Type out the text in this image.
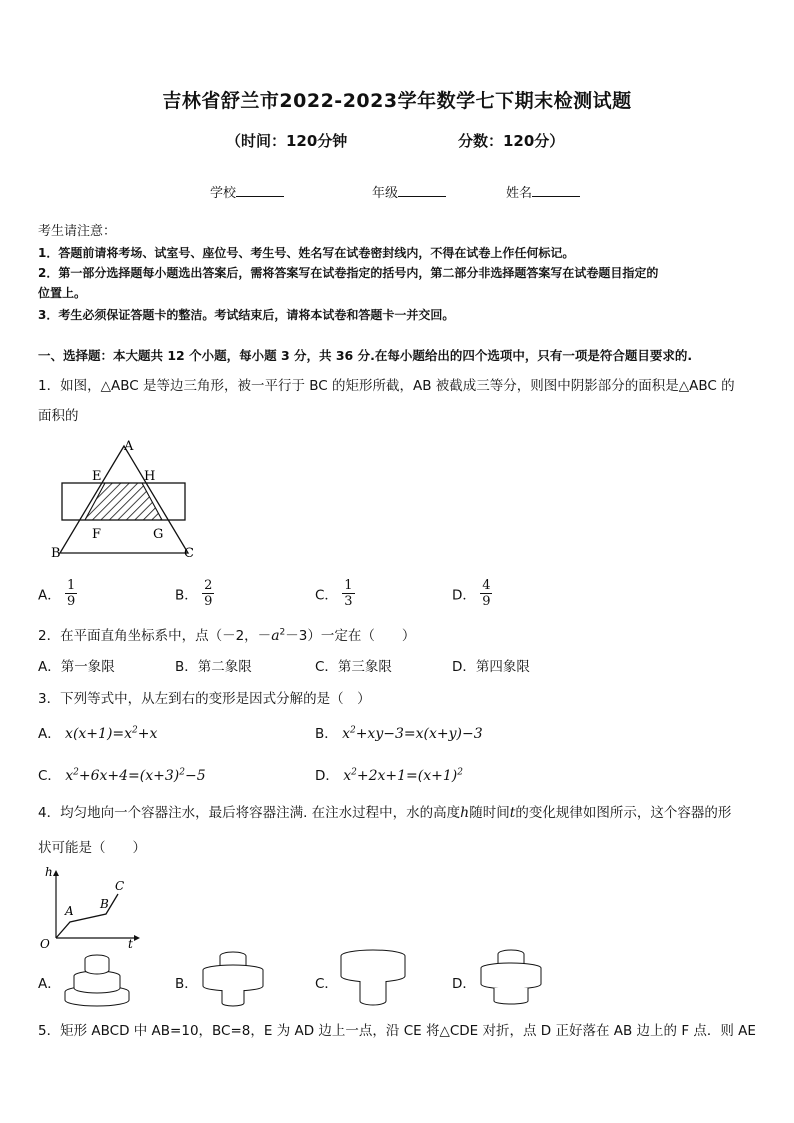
吉林省舒兰市2022-2023学年数学七下期末检测试题
（时间：120分钟	分数：120分）
学校	年级	姓名
考生请注意：
1．答题前请将考场、试室号、座位号、考生号、姓名写在试卷密封线内，不得在试卷上作任何标记。
2．第一部分选择题每小题选出答案后，需将答案写在试卷指定的括号内，第二部分非选择题答案写在试卷题目指定的
位置上。
3．考生必须保证答题卡的整洁。考试结束后，请将本试卷和答题卡一并交回。
一、选择题：本大题共 12 个小题，每小题 3 分，共 36 分.在每小题给出的四个选项中，只有一项是符合题目要求的.
1．如图，△ABC 是等边三角形，被一平行于 BC 的矩形所截，AB 被截成三等分，则图中阴影部分的面积是△ABC 的
面积的
A
E	H
F	G
B	C
A． $\frac{1}{9}$	B． $\frac{2}{9}$	C． $\frac{1}{3}$	D． $\frac{4}{9}$
2．在平面直角坐标系中，点（－2，$-a^2-3$）一定在（　　）
A．第一象限	B．第二象限	C．第三象限	D．第四象限
3．下列等式中，从左到右的变形是因式分解的是（　）
A． $x(x+1)=x^2+x$	B． $x^2+xy-3=x(x+y)-3$
C． $x^2+6x+4=(x+3)^2-5$	D． $x^2+2x+1=(x+1)^2$
4．均匀地向一个容器注水，最后将容器注满. 在注水过程中，水的高度h随时间t的变化规律如图所示，这个容器的形
状可能是（　　）
h
t
O
A B
C
A．	B．	C．	D．
5．矩形 ABCD 中 AB=10，BC=8，E 为 AD 边上一点，沿 CE 将△CDE 对折，点 D 正好落在 AB 边上的 F 点．则 AE
